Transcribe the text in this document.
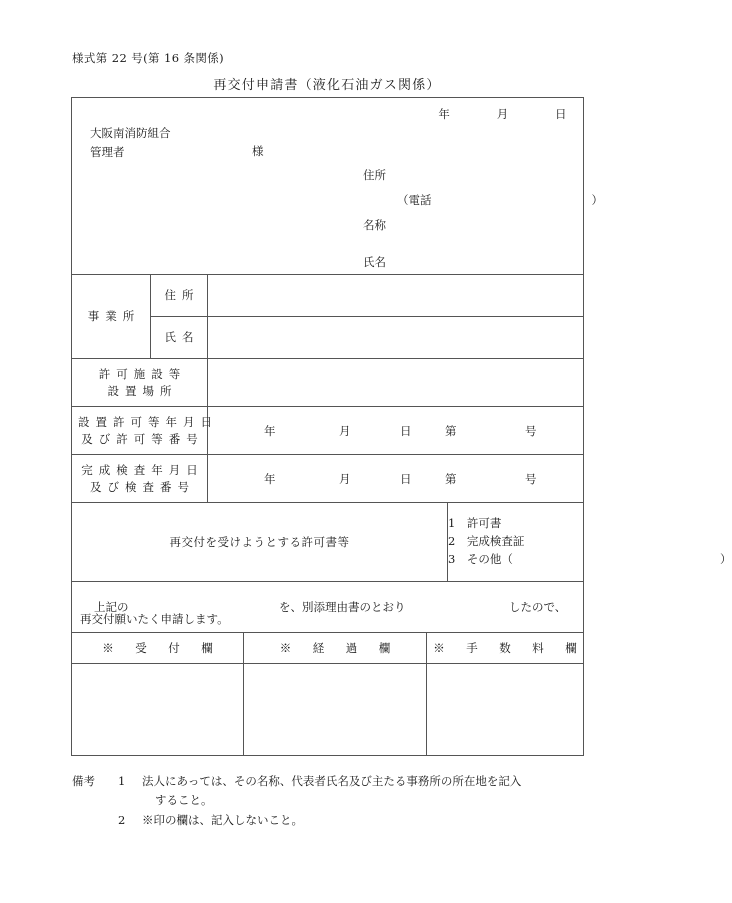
様式第 22 号(第 16 条関係)
再交付申請書（液化石油ガス関係）
年	月	日
大阪南消防組合
管理者	様
住所
（電話	）
名称
氏名

事業所	住所		
	氏名		
許可施設等
設置場所			
設置許可等年月日
及び許可等番号		年 月 日 第 号	

完成検査年月日
及び検査番号		年 月 日 第 号	

再交付を受けようとする許可書等			1　許可書
2　完成検査証
3　その他（ ）

上記の を、別添理由書のとおり したので、
再交付願いたく申請します。			
※　受　付　欄	※　経　過　欄	※　手　数　料　欄

備考 1	法人にあっては、その名称、代表者氏名及び主たる事務所の所在地を記入
すること。
2	※印の欄は、記入しないこと。
